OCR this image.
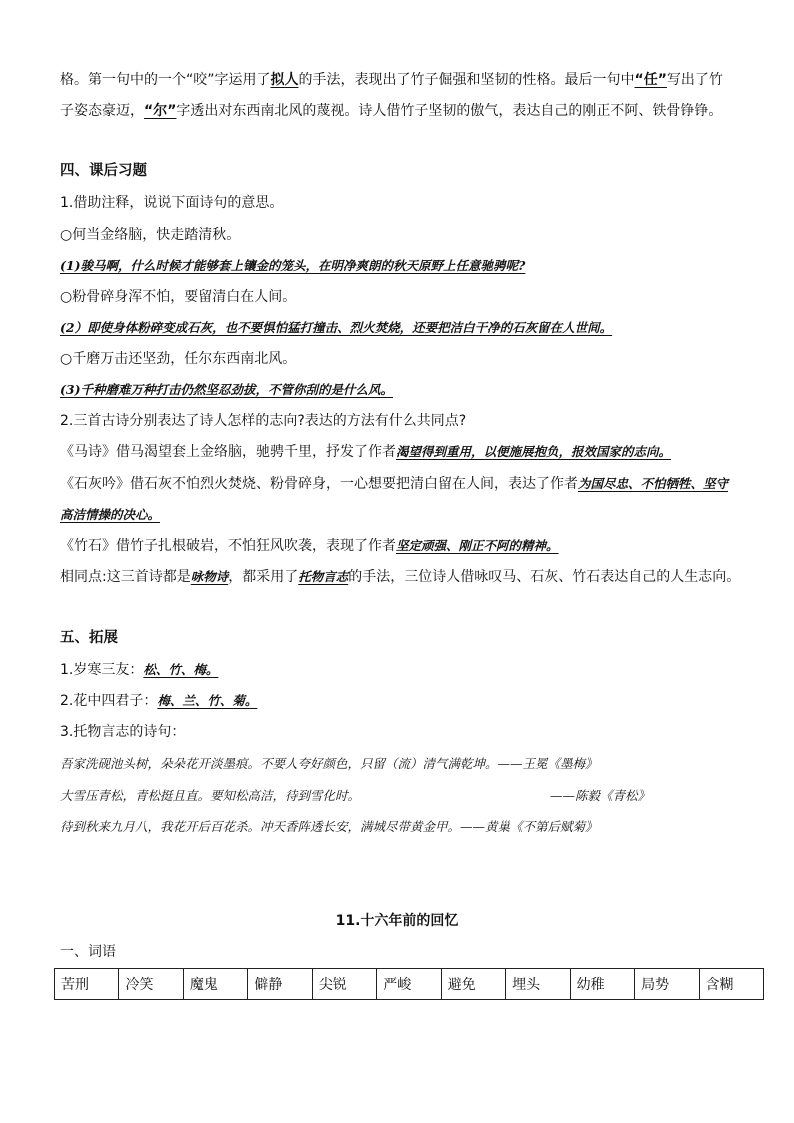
格。第一句中的一个“咬”字运用了拟人的手法，表现出了竹子倔强和坚韧的性格。最后一句中“任”写出了竹
子姿态豪迈，“尔”字透出对东西南北风的蔑视。诗人借竹子坚韧的傲气，表达自己的刚正不阿、铁骨铮铮。
四、课后习题
1.借助注释，说说下面诗句的意思。
○何当金络脑，快走踏清秋。
(1)骏马啊，什么时候才能够套上镶金的笼头，在明净爽朗的秋天原野上任意驰骋呢?
○粉骨碎身浑不怕，要留清白在人间。
(2）即使身体粉碎变成石灰，也不要惧怕猛打撞击、烈火焚烧，还要把洁白干净的石灰留在人世间。
○千磨万击还坚劲，任尔东西南北风。
(3)千种磨难万种打击仍然坚忍劲拔，不管你刮的是什么风。
2.三首古诗分别表达了诗人怎样的志向?表达的方法有什么共同点?
《马诗》借马渴望套上金络脑，驰骋千里，抒发了作者渴望得到重用，以便施展抱负，报效国家的志向。
《石灰吟》借石灰不怕烈火焚烧、粉骨碎身，一心想要把清白留在人间，表达了作者为国尽忠、不怕牺牲、坚守
高洁情操的决心。
《竹石》借竹子扎根破岩，不怕狂风吹袭，表现了作者坚定顽强、刚正不阿的精神。
相同点:这三首诗都是咏物诗，都采用了托物言志的手法，三位诗人借咏叹马、石灰、竹石表达自己的人生志向。
五、拓展
1.岁寒三友：松、竹、梅。
2.花中四君子：梅、兰、竹、菊。
3.托物言志的诗句：
吾家洗砚池头树，朵朵花开淡墨痕。不要人夸好颜色，只留（流）清气满乾坤。——王冕《墨梅》
大雪压青松，青松挺且直。要知松高洁，待到雪化时。	——陈毅《青松》
待到秋来九月八，我花开后百花杀。冲天香阵透长安，满城尽带黄金甲。——黄巢《不第后赋菊》
11.十六年前的回忆
一、词语
苦刑	冷笑	魔鬼	僻静	尖锐	严峻	避免	埋头	幼稚	局势	含糊
